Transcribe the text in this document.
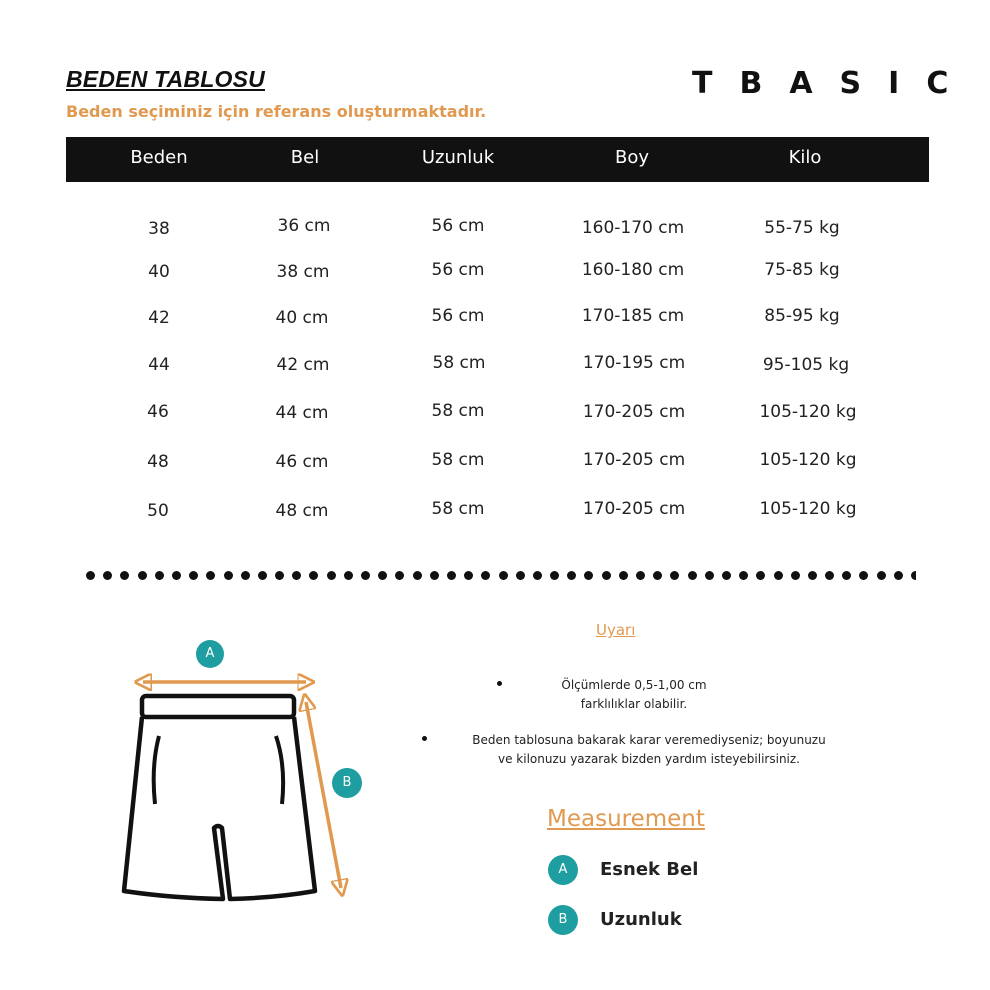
BEDEN TABLOSU
Beden seçiminiz için referans oluşturmaktadır.
TBASIC
Beden	Bel	Uzunluk	Boy	Kilo
38	36 cm	56 cm	160-170 cm	55-75 kg
40	38 cm	56 cm	160-180 cm	75-85 kg
42	40 cm	56 cm	170-185 cm	85-95 kg
44	42 cm	58 cm	170-195 cm	95-105 kg
46	44 cm	58 cm	170-205 cm	105-120 kg
48	46 cm	58 cm	170-205 cm	105-120 kg
50	48 cm	58 cm	170-205 cm	105-120 kg
A
B
Uyarı
Ölçümlerde 0,5-1,00 cm
farklılıklar olabilir.
Beden tablosuna bakarak karar veremediyseniz; boyunuzu
ve kilonuzu yazarak bizden yardım isteyebilirsiniz.
Measurement
A	Esnek Bel
B	Uzunluk
